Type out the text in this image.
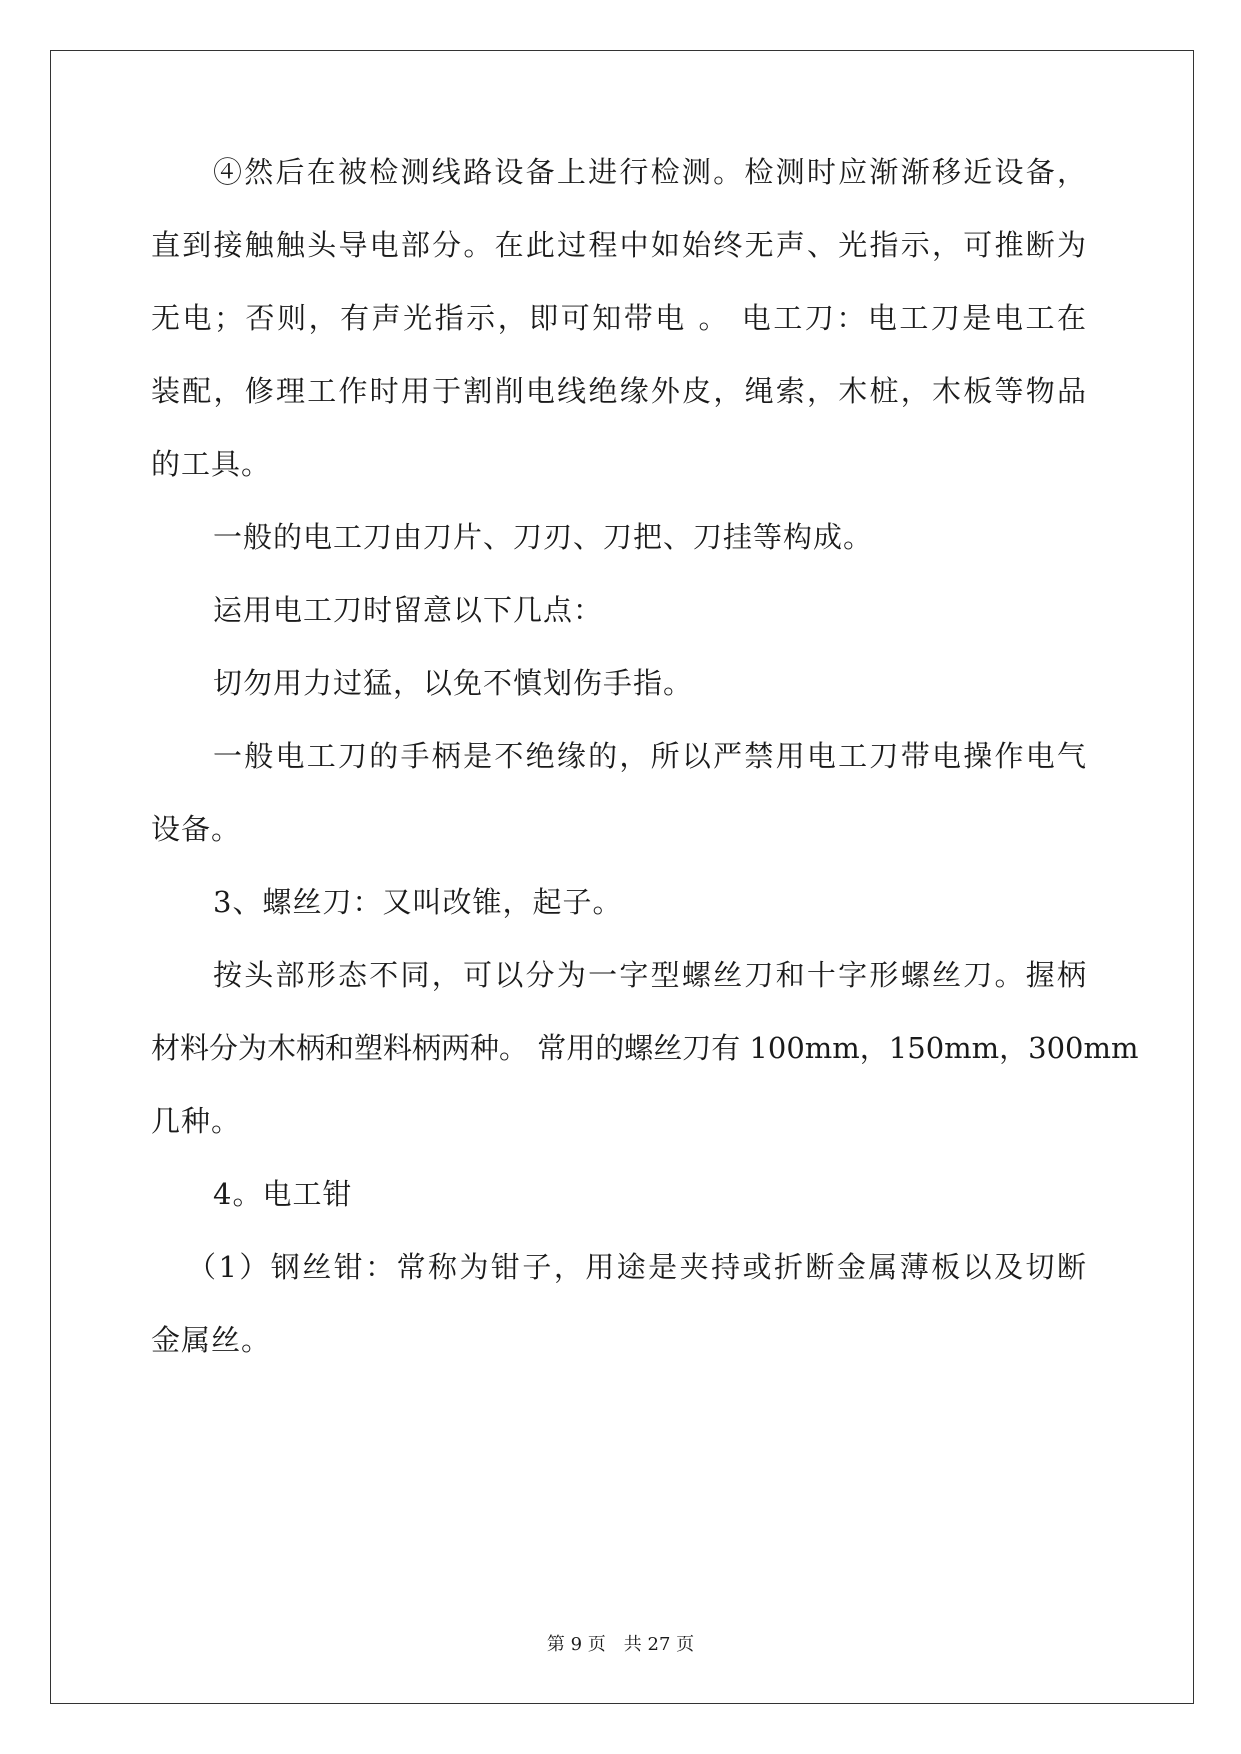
④然后在被检测线路设备上进行检测。检测时应渐渐移近设备，
直到接触触头导电部分。在此过程中如始终无声、光指示，可推断为
无电；否则，有声光指示，即可知带电 。 电工刀：电工刀是电工在
装配，修理工作时用于割削电线绝缘外皮，绳索，木桩，木板等物品
的工具。
一般的电工刀由刀片、刀刃、刀把、刀挂等构成。
运用电工刀时留意以下几点：
切勿用力过猛，以免不慎划伤手指。
一般电工刀的手柄是不绝缘的，所以严禁用电工刀带电操作电气
设备。
3、螺丝刀：又叫改锥，起子。
按头部形态不同，可以分为一字型螺丝刀和十字形螺丝刀。握柄
材料分为木柄和塑料柄两种。 常用的螺丝刀有 100mm，150mm，300mm
几种。
4。电工钳
（1）钢丝钳：常称为钳子，用途是夹持或折断金属薄板以及切断
金属丝。
第 9 页 共 27 页
